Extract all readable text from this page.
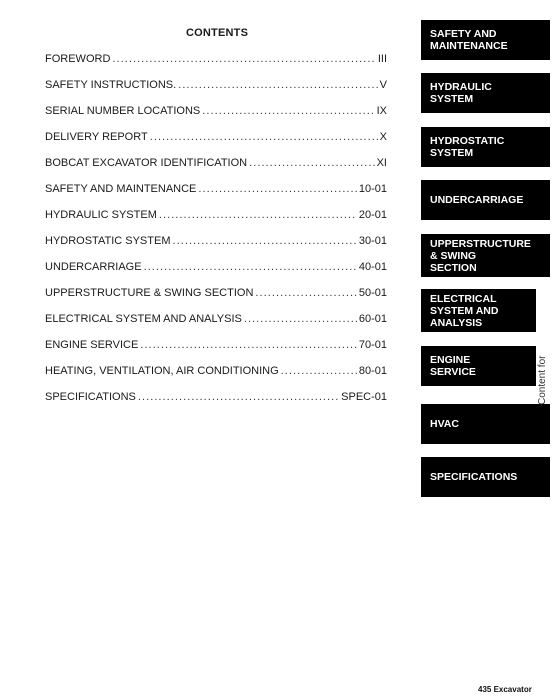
CONTENTS
FOREWORD . . .	III
SAFETY INSTRUCTIONS. . . .	V
SERIAL NUMBER LOCATIONS . . .	IX
DELIVERY REPORT . . .	X
BOBCAT EXCAVATOR IDENTIFICATION . . .	XI
SAFETY AND MAINTENANCE . . .	10-01
HYDRAULIC SYSTEM . . .	20-01
HYDROSTATIC SYSTEM . . .	30-01
UNDERCARRIAGE . . .	40-01
UPPERSTRUCTURE & SWING SECTION . . .	50-01
ELECTRICAL SYSTEM AND ANALYSIS . . .	60-01
ENGINE SERVICE . . .	70-01
HEATING, VENTILATION, AIR CONDITIONING . . .	80-01
SPECIFICATIONS . . .	SPEC-01
SAFETY AND
MAINTENANCE
HYDRAULIC
SYSTEM
HYDROSTATIC
SYSTEM
UNDERCARRIAGE
UPPERSTRUCTURE
& SWING
SECTION
ELECTRICAL
SYSTEM AND
ANALYSIS
ENGINE
SERVICE
HVAC
SPECIFICATIONS
Content for
435 Excavator
